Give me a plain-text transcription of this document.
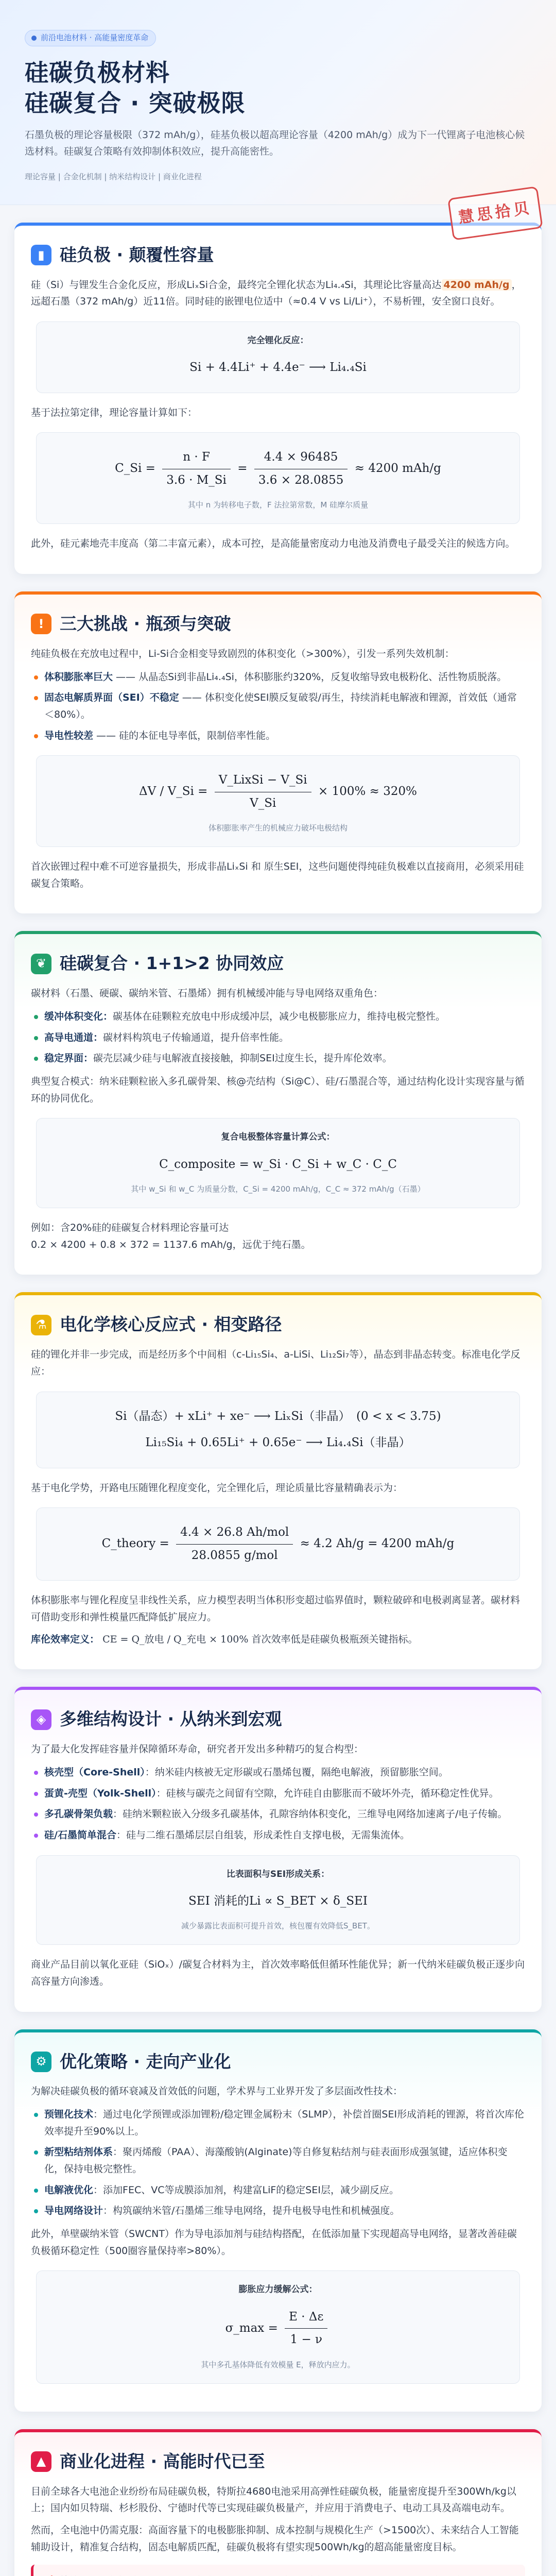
前沿电池材料 · 高能量密度革命
硅碳负极材料
硅碳复合 · 突破极限

石墨负极的理论容量极限（372 mAh/g），硅基负极以超高理论容量（4200 mAh/g）成为下一代锂离子电池核心候选材料。硅碳复合策略有效抑制体积效应，提升高能密性。

理论容量 | 合金化机制 | 纳米结构设计 | 商业化进程

慧思拾贝
▮ 硅负极 · 颠覆性容量

硅（Si）与锂发生合金化反应，形成LiₓSi合金，最终完全锂化状态为Li₄.₄Si，其理论比容量高达 4200 mAh/g ，远超石墨（372 mAh/g）近11倍。同时硅的嵌锂电位适中（≈0.4 V vs Li/Li⁺），不易析锂，安全窗口良好。

完全锂化反应：
Si + 4.4Li⁺ + 4.4e⁻ ⟶ Li₄.₄Si

基于法拉第定律，理论容量计算如下：

C_Si = $\frac{n \cdot F}{3.6 \cdot M\_Si} = \frac{4.4 \times 96485}{3.6 \times 28.0855} \approx 4200$ mAh/g
其中 n 为转移电子数，F 法拉第常数，M 硅摩尔质量

此外，硅元素地壳丰度高（第二丰富元素），成本可控，是高能量密度动力电池及消费电子最受关注的候选方向。

! 三大挑战 · 瓶颈与突破

纯硅负极在充放电过程中，Li-Si合金相变导致剧烈的体积变化（>300%），引发一系列失效机制：

体积膨胀率巨大 —— 从晶态Si到非晶Li₄.₄Si，体积膨胀约320%，反复收缩导致电极粉化、活性物质脱落。
固态电解质界面（SEI）不稳定 —— 体积变化使SEI膜反复破裂/再生，持续消耗电解液和锂源，首效低（通常＜80%）。
导电性较差 —— 硅的本征电导率低，限制倍率性能。
ΔV / V_Si = $\frac{\text{V\_LixSi − V\_Si}}{V\_Si} \times 100\% \approx 320\%$
体积膨胀率产生的机械应力破坏电极结构

首次嵌锂过程中难不可逆容量损失，形成非晶LiₓSi 和 原生SEI，这些问题使得纯硅负极难以直接商用，必须采用硅碳复合策略。

❦ 硅碳复合 · 1+1>2 协同效应

碳材料（石墨、硬碳、碳纳米管、石墨烯）拥有机械缓冲能与导电网络双重角色：

缓冲体积变化：碳基体在硅颗粒充放电中形成缓冲层，减少电极膨胀应力，维持电极完整性。
高导电通道：碳材料构筑电子传输通道，提升倍率性能。
稳定界面：碳壳层减少硅与电解液直接接触，抑制SEI过度生长，提升库伦效率。

典型复合模式：纳米硅颗粒嵌入多孔碳骨架、核@壳结构（Si@C）、硅/石墨混合等，通过结构化设计实现容量与循环的协同优化。

复合电极整体容量计算公式：
C_composite = w_Si · C_Si + w_C · C_C
其中 w_Si 和 w_C 为质量分数，C_Si = 4200 mAh/g，C_C ≈ 372 mAh/g（石墨）

例如：含20%硅的硅碳复合材料理论容量可达
0.2 × 4200 + 0.8 × 372 = 1137.6 mAh/g，远优于纯石墨。

⚗ 电化学核心反应式 · 相变路径

硅的锂化并非一步完成，而是经历多个中间相（c-Li₁₅Si₄、a-LiSi、Li₁₂Si₇等），晶态到非晶态转变。标准电化学反应：

Si（晶态）+ xLi⁺ + xe⁻ ⟶ LiₓSi（非晶）　(0 < x < 3.75)
Li₁₅Si₄ + 0.65Li⁺ + 0.65e⁻ ⟶ Li₄.₄Si（非晶）

基于电化学势，开路电压随锂化程度变化，完全锂化后，理论质量比容量精确表示为：

C_theory = $\frac{\text{4.4 × 26.8 Ah/mol}}{\text{28.0855 g/mol}} \approx 4.2$ Ah/g = 4200 mAh/g

体积膨胀率与锂化程度呈非线性关系，应力模型表明当体积形变超过临界值时，颗粒破碎和电极剥离显著。碳材料可借助变形和弹性模量匹配降低扩展应力。

库伦效率定义： CE = Q_放电 / Q_充电 × 100% 首次效率低是硅碳负极瓶颈关键指标。

◈ 多维结构设计 · 从纳米到宏观

为了最大化发挥硅容量并保障循环寿命，研究者开发出多种精巧的复合构型：

核壳型（Core-Shell）：纳米硅内核被无定形碳或石墨烯包覆，隔绝电解液，预留膨胀空间。
蛋黄-壳型（Yolk-Shell）：硅核与碳壳之间留有空隙，允许硅自由膨胀而不破坏外壳，循环稳定性优异。
多孔碳骨架负载：硅纳米颗粒嵌入分级多孔碳基体，孔隙容纳体积变化，三维导电网络加速离子/电子传输。
硅/石墨简单混合：硅与二维石墨烯层层自组装，形成柔性自支撑电极，无需集流体。
比表面积与SEI形成关系：
SEI 消耗的Li ∝ S_BET × δ_SEI
减少暴露比表面积可提升首效，核包覆有效降低S_BET。

商业产品目前以氧化亚硅（SiOₓ）/碳复合材料为主，首次效率略低但循环性能优异；新一代纳米硅碳负极正逐步向高容量方向渗透。

⚙ 优化策略 · 走向产业化

为解决硅碳负极的循环衰减及首效低的问题，学术界与工业界开发了多层面改性技术：

预锂化技术：通过电化学预锂或添加锂粉/稳定锂金属粉末（SLMP），补偿首圈SEI形成消耗的锂源，将首次库伦效率提升至90%以上。
新型粘结剂体系：聚丙烯酸（PAA）、海藻酸钠(Alginate)等自修复粘结剂与硅表面形成强氢键，适应体积变化，保持电极完整性。
电解液优化：添加FEC、VC等成膜添加剂，构建富LiF的稳定SEI层，减少副反应。
导电网络设计：构筑碳纳米管/石墨烯三维导电网络，提升电极导电性和机械强度。

此外，单壁碳纳米管（SWCNT）作为导电添加剂与硅结构搭配，在低添加量下实现超高导电网络，显著改善硅碳负极循环稳定性（500圈容量保持率>80%）。

膨胀应力缓解公式：
σ_max = $\frac{E \cdot \Delta\varepsilon}{1 - \nu}$
其中多孔基体降低有效模量 E，释放内应力。
▲ 商业化进程 · 高能时代已至

目前全球各大电池企业纷纷布局硅碳负极，特斯拉4680电池采用高弹性硅碳负极，能量密度提升至300Wh/kg以上；国内如贝特瑞、杉杉股份、宁德时代等已实现硅碳负极量产，并应用于消费电子、电动工具及高端电动车。

然而，全电池中仍需克服：高面容量下的电极膨胀抑制、成本控制与规模化生产（>1500次）、未来结合人工智能辅助设计，精准复合结构，固态电解质匹配，硅碳负极将有望实现500Wh/kg的超高能量密度目标。
